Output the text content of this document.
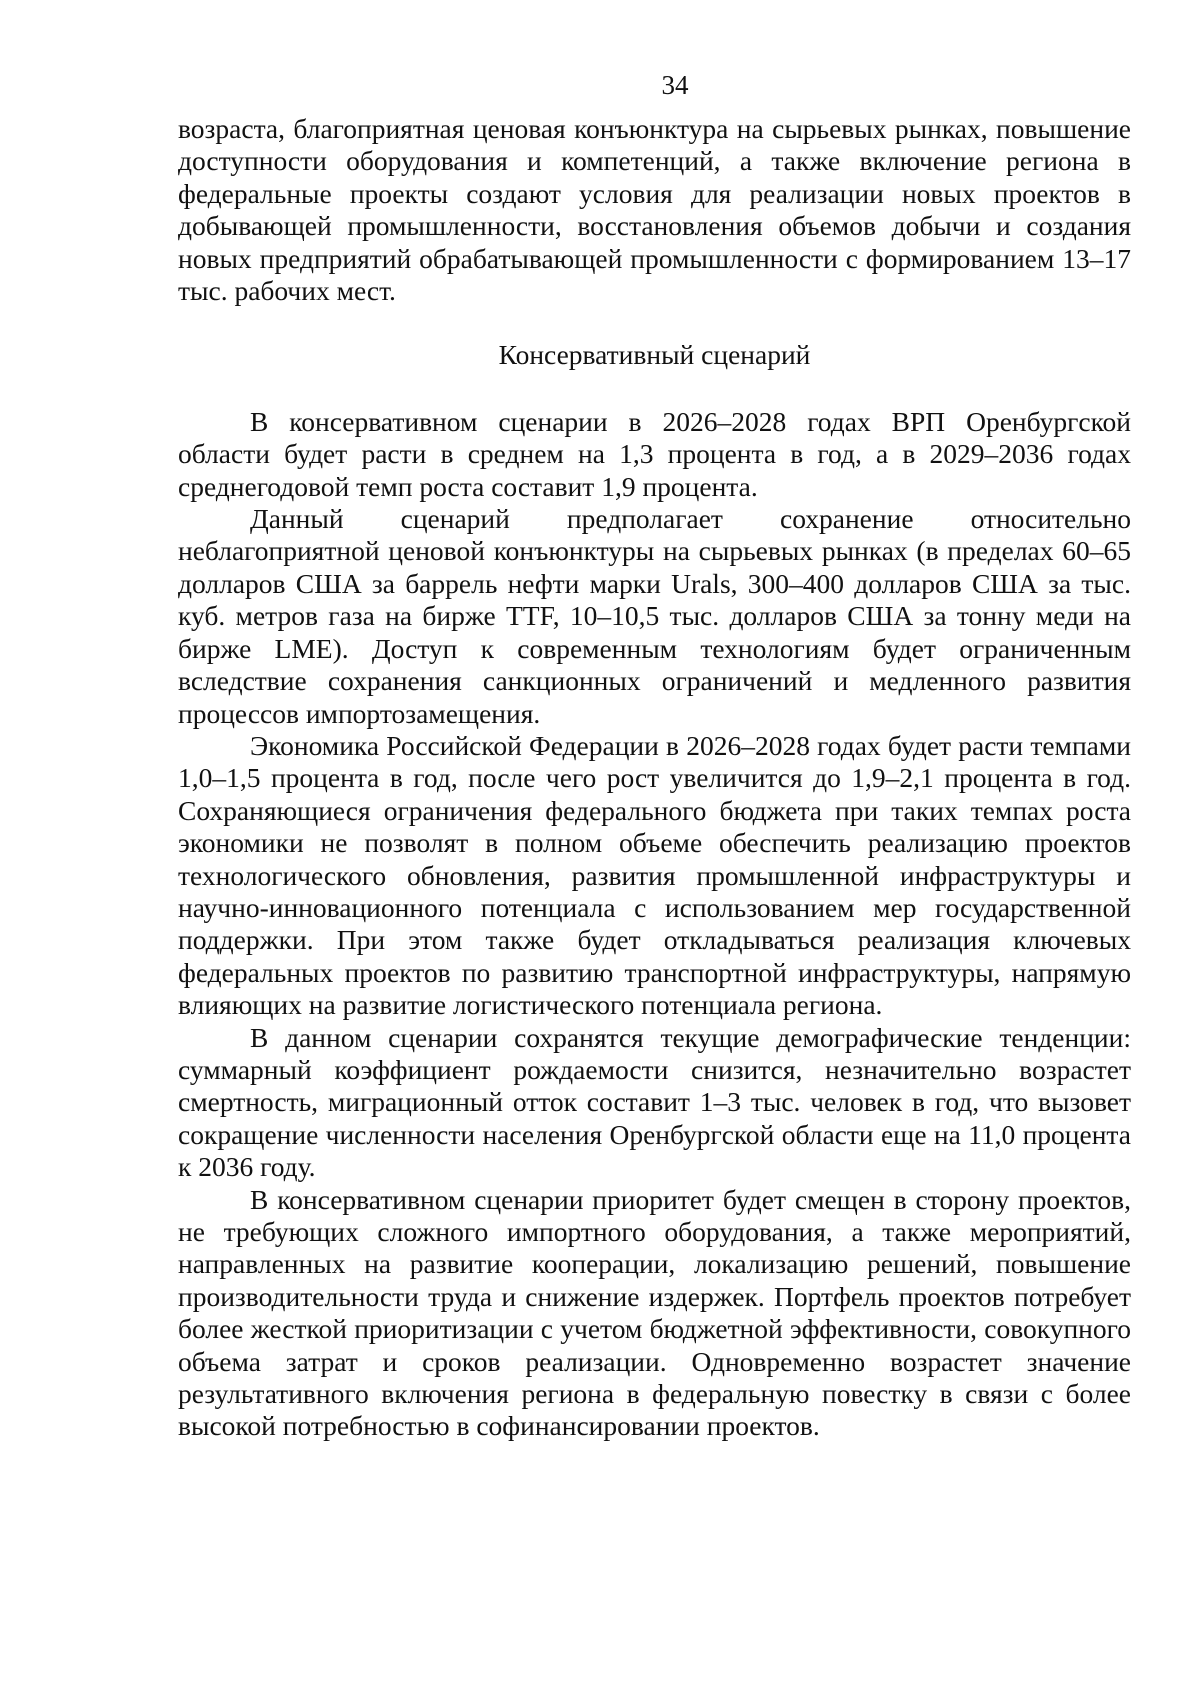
34

возраста, благоприятная ценовая конъюнктура на сырьевых рынках, повышение доступности оборудования и компетенций, а также включение региона в федеральные проекты создают условия для реализации новых проектов в добывающей промышленности, восстановления объемов добычи и создания новых предприятий обрабатывающей промышленности с формированием 13–17 тыс. рабочих мест.

Консервативный сценарий

В консервативном сценарии в 2026–2028 годах ВРП Оренбургской области будет расти в среднем на 1,3 процента в год, а в 2029–2036 годах среднегодовой темп роста составит 1,9 процента.

Данный сценарий предполагает сохранение относительно неблагоприятной ценовой конъюнктуры на сырьевых рынках (в пределах 60–65 долларов США за баррель нефти марки Urals, 300–400 долларов США за тыс. куб. метров газа на бирже TTF, 10–10,5 тыс. долларов США за тонну меди на бирже LME). Доступ к современным технологиям будет ограниченным вследствие сохранения санкционных ограничений и медленного развития процессов импортозамещения.

Экономика Российской Федерации в 2026–2028 годах будет расти темпами 1,0–1,5 процента в год, после чего рост увеличится до 1,9–2,1 процента в год. Сохраняющиеся ограничения федерального бюджета при таких темпах роста экономики не позволят в полном объеме обеспечить реализацию проектов технологического обновления, развития промышленной инфраструктуры и научно-инновационного потенциала с использованием мер государственной поддержки. При этом также будет откладываться реализация ключевых федеральных проектов по развитию транспортной инфраструктуры, напрямую влияющих на развитие логистического потенциала региона.

В данном сценарии сохранятся текущие демографические тенденции: суммарный коэффициент рождаемости снизится, незначительно возрастет смертность, миграционный отток составит 1–3 тыс. человек в год, что вызовет сокращение численности населения Оренбургской области еще на 11,0 процента к 2036 году.

В консервативном сценарии приоритет будет смещен в сторону проектов, не требующих сложного импортного оборудования, а также мероприятий, направленных на развитие кооперации, локализацию решений, повышение производительности труда и снижение издержек. Портфель проектов потребует более жесткой приоритизации с учетом бюджетной эффективности, совокупного объема затрат и сроков реализации. Одновременно возрастет значение результативного включения региона в федеральную повестку в связи с более высокой потребностью в софинансировании проектов.
